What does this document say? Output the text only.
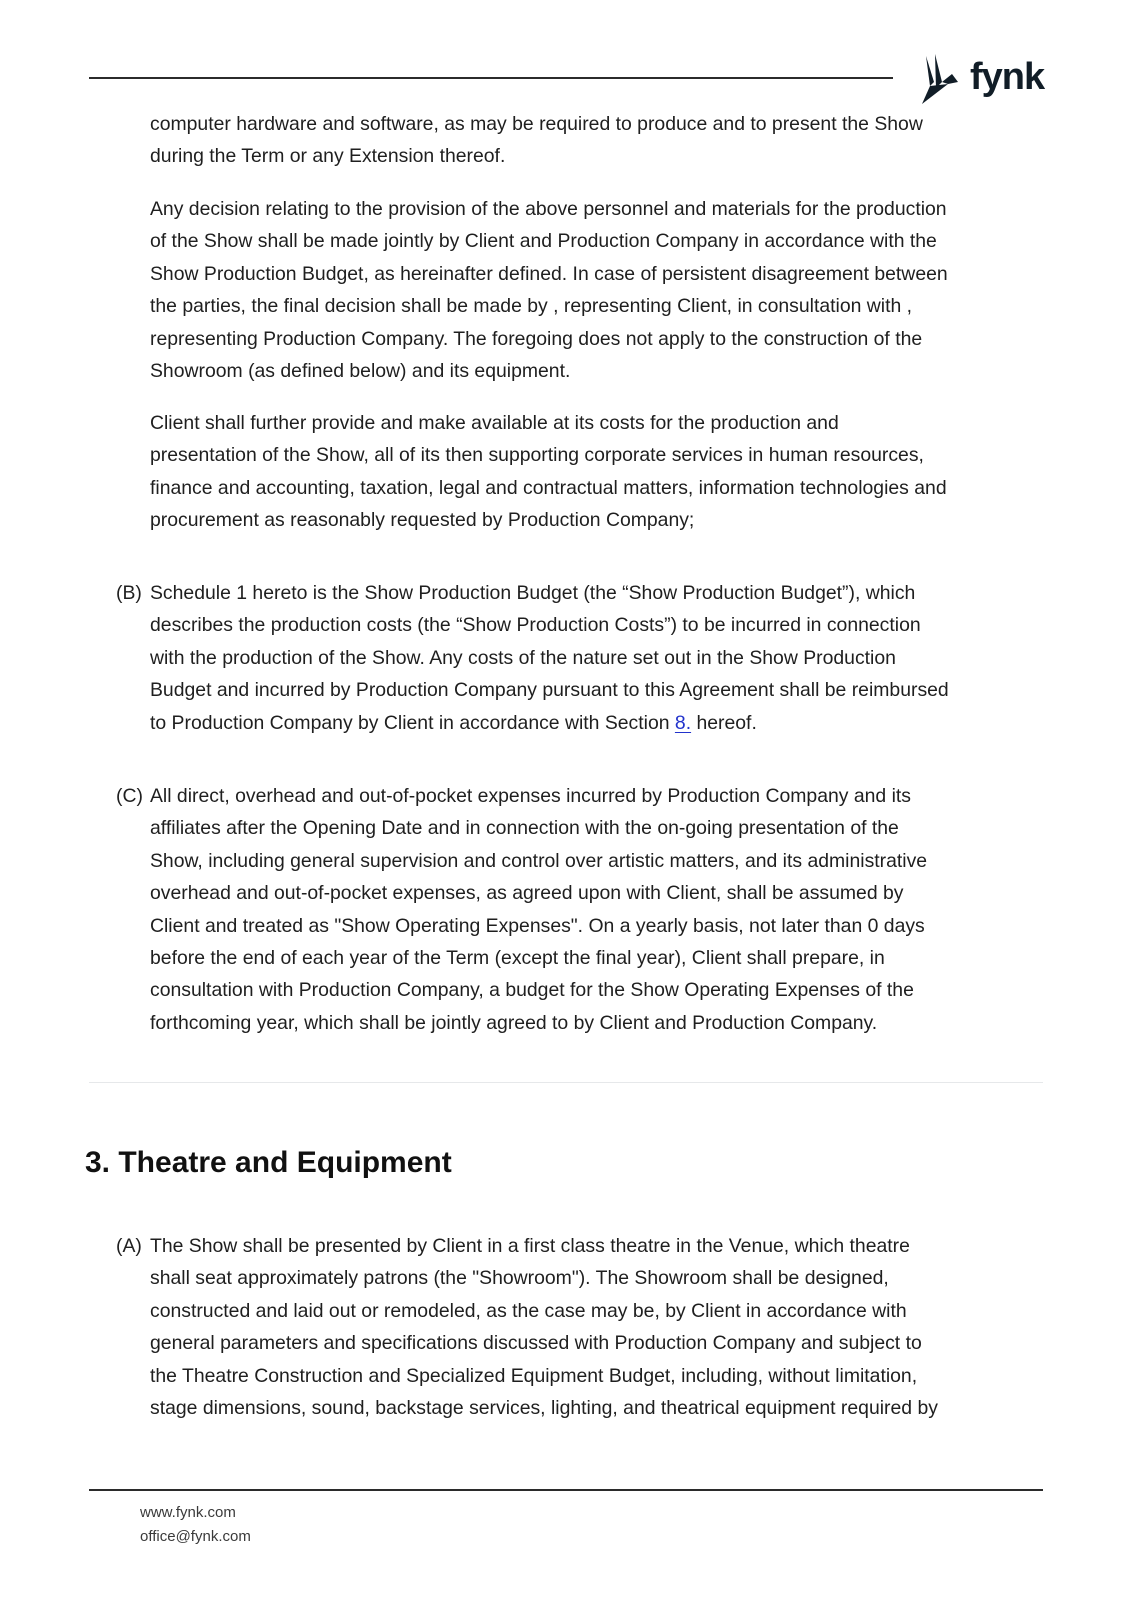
fynk
computer hardware and software, as may be required to produce and to present the Show
during the Term or any Extension thereof.
Any decision relating to the provision of the above personnel and materials for the production
of the Show shall be made jointly by Client and Production Company in accordance with the
Show Production Budget, as hereinafter defined. In case of persistent disagreement between
the parties, the final decision shall be made by , representing Client, in consultation with ,
representing Production Company. The foregoing does not apply to the construction of the
Showroom (as defined below) and its equipment.
Client shall further provide and make available at its costs for the production and
presentation of the Show, all of its then supporting corporate services in human resources,
finance and accounting, taxation, legal and contractual matters, information technologies and
procurement as reasonably requested by Production Company;
(B) Schedule 1 hereto is the Show Production Budget (the “Show Production Budget”), which
describes the production costs (the “Show Production Costs”) to be incurred in connection
with the production of the Show. Any costs of the nature set out in the Show Production
Budget and incurred by Production Company pursuant to this Agreement shall be reimbursed
to Production Company by Client in accordance with Section 8. hereof.
(C) All direct, overhead and out-of-pocket expenses incurred by Production Company and its
affiliates after the Opening Date and in connection with the on-going presentation of the
Show, including general supervision and control over artistic matters, and its administrative
overhead and out-of-pocket expenses, as agreed upon with Client, shall be assumed by
Client and treated as "Show Operating Expenses". On a yearly basis, not later than 0 days
before the end of each year of the Term (except the final year), Client shall prepare, in
consultation with Production Company, a budget for the Show Operating Expenses of the
forthcoming year, which shall be jointly agreed to by Client and Production Company.
3. Theatre and Equipment
(A) The Show shall be presented by Client in a first class theatre in the Venue, which theatre
shall seat approximately patrons (the "Showroom"). The Showroom shall be designed,
constructed and laid out or remodeled, as the case may be, by Client in accordance with
general parameters and specifications discussed with Production Company and subject to
the Theatre Construction and Specialized Equipment Budget, including, without limitation,
stage dimensions, sound, backstage services, lighting, and theatrical equipment required by
www.fynk.com
office@fynk.com
